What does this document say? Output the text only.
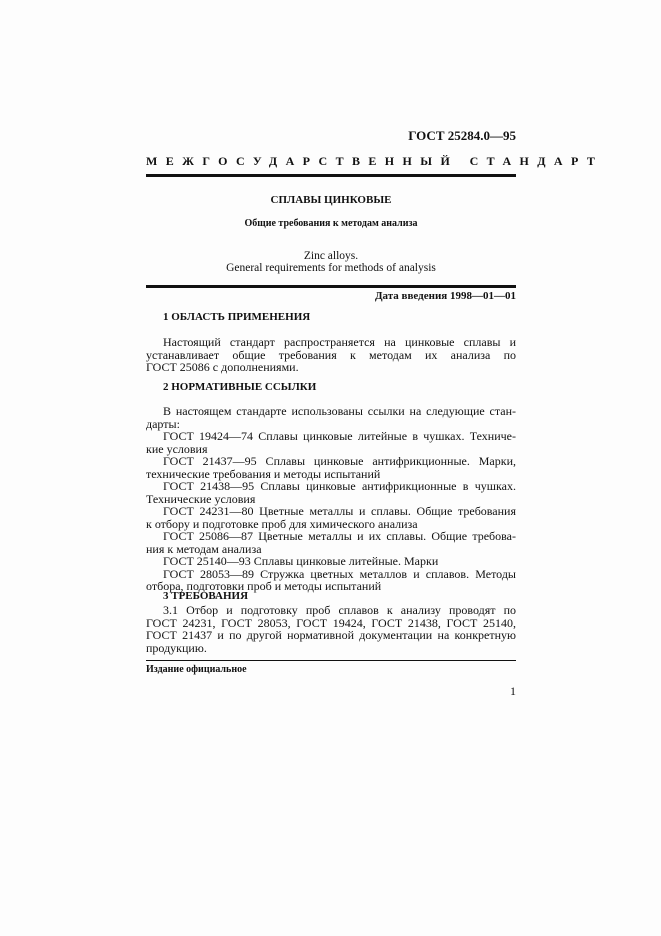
ГОСТ 25284.0—95
МЕЖГОСУДАРСТВЕННЫЙ СТАНДАРТ
СПЛАВЫ ЦИНКОВЫЕ
Общие требования к методам анализа
Zinc alloys.
General requirements for methods of analysis
Дата введения 1998—01—01
1 ОБЛАСТЬ ПРИМЕНЕНИЯ
Настоящий стандарт распространяется на цинковые сплавы и
устанавливает общие требования к методам их анализа по
ГОСТ 25086 с дополнениями.
2 НОРМАТИВНЫЕ ССЫЛКИ
В настоящем стандарте использованы ссылки на следующие стан-
дарты:
ГОСТ 19424—74 Сплавы цинковые литейные в чушках. Техниче-
кие условия
ГОСТ 21437—95 Сплавы цинковые антифрикционные. Марки,
технические требования и методы испытаний
ГОСТ 21438—95 Сплавы цинковые антифрикционные в чушках.
Технические условия
ГОСТ 24231—80 Цветные металлы и сплавы. Общие требования
к отбору и подготовке проб для химического анализа
ГОСТ 25086—87 Цветные металлы и их сплавы. Общие требова-
ния к методам анализа
ГОСТ 25140—93 Сплавы цинковые литейные. Марки
ГОСТ 28053—89 Стружка цветных металлов и сплавов. Методы
отбора, подготовки проб и методы испытаний
3 ТРЕБОВАНИЯ
3.1 Отбор и подготовку проб сплавов к анализу проводят по
ГОСТ 24231, ГОСТ 28053, ГОСТ 19424, ГОСТ 21438, ГОСТ 25140,
ГОСТ 21437 и по другой нормативной документации на конкретную
продукцию.
Издание официальное
1
